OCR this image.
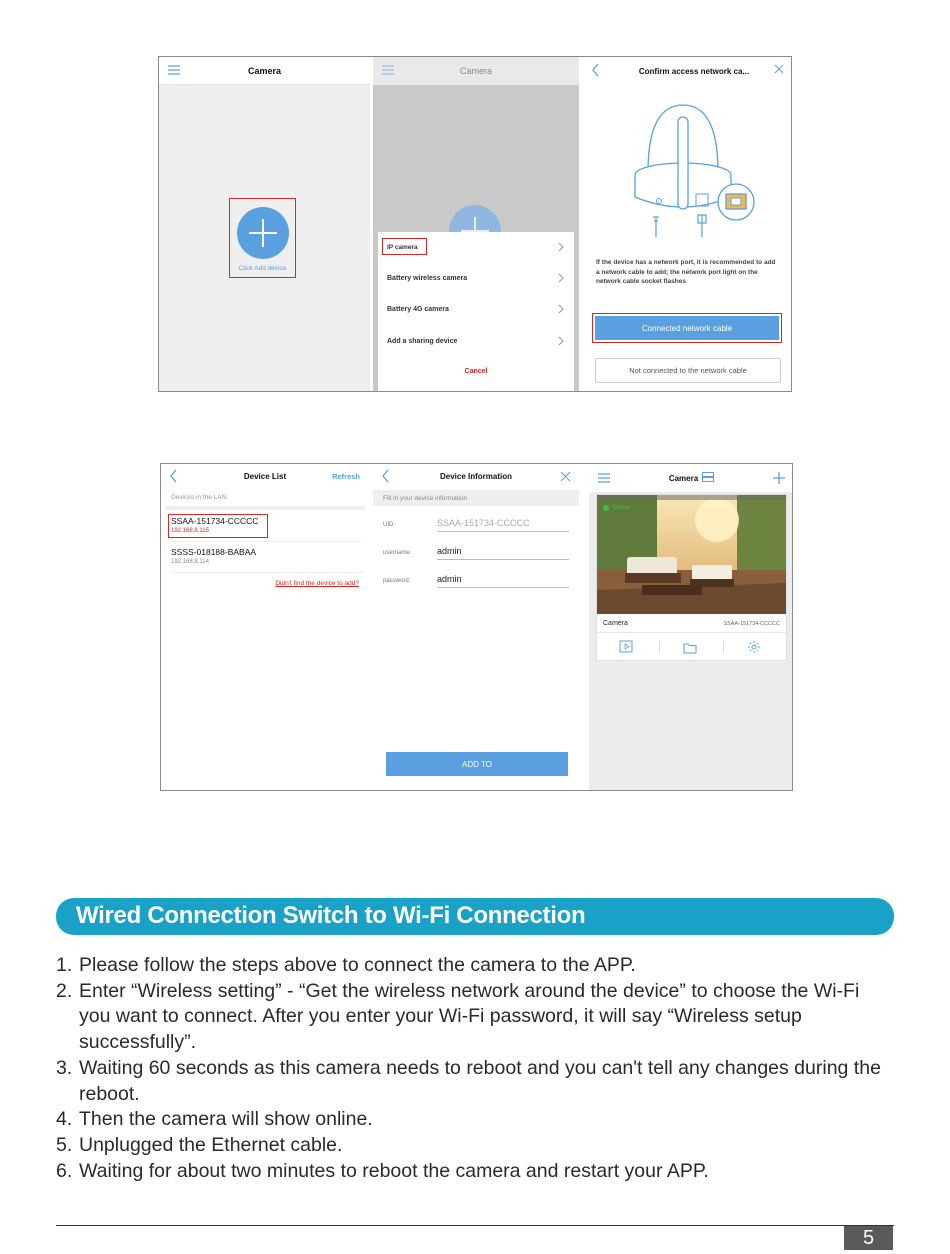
Camera
Click Add device
Camera
IP camera
Battery wireless camera
Battery 4G camera
Add a sharing device
Cancel
Confirm access network ca...
If the device has a network port, it is recommended to add a network cable to add; the network port light on the network cable socket flashes
Connected network cable
Not connected to the network cable
Device List	Refresh
Devices in the LAN:
SSAA-151734-CCCCC
192.168.8.115
SSSS-018188-BABAA
192.168.8.114
Didn't find the device to add?
Device Information
Fill in your device information
UID:	SSAA-151734-CCCCC
username:	admin
password:	admin
ADD TO
Camera
Online
Camera	SSAA-151734-CCCCC
Wired Connection Switch to Wi-Fi Connection
1. Please follow the steps above to connect the camera to the APP.
2. Enter “Wireless setting” - “Get the wireless network around the device” to choose the Wi-Fi you want to connect. After you enter your Wi-Fi password, it will say “Wireless setup successfully”.
3. Waiting 60 seconds as this camera needs to reboot and you can't tell any changes during the reboot.
4. Then the camera will show online.
5. Unplugged the Ethernet cable.
6. Waiting for about two minutes to reboot the camera and restart your APP.
5
